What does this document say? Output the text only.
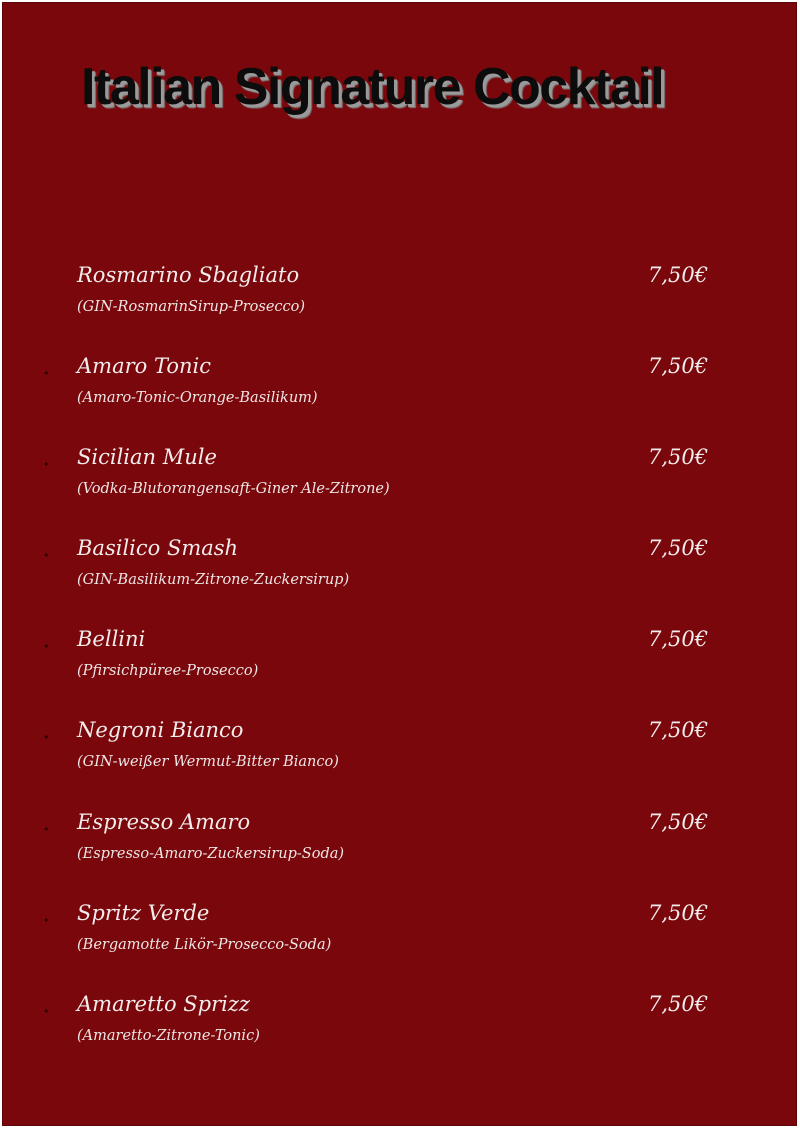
Italian Signature Cocktail
Rosmarino Sbagliato
(GIN-RosmarinSirup-Prosecco)
7,50€
• Amaro Tonic
(Amaro-Tonic-Orange-Basilikum)
7,50€
• Sicilian Mule
(Vodka-Blutorangensaft-Giner Ale-Zitrone)
7,50€
• Basilico Smash
(GIN-Basilikum-Zitrone-Zuckersirup)
7,50€
• Bellini
(Pfirsichpüree-Prosecco)
7,50€
• Negroni Bianco
(GIN-weißer Wermut-Bitter Bianco)
7,50€
• Espresso Amaro
(Espresso-Amaro-Zuckersirup-Soda)
7,50€
• Spritz Verde
(Bergamotte Likör-Prosecco-Soda)
7,50€
• Amaretto Sprizz
(Amaretto-Zitrone-Tonic)
7,50€
